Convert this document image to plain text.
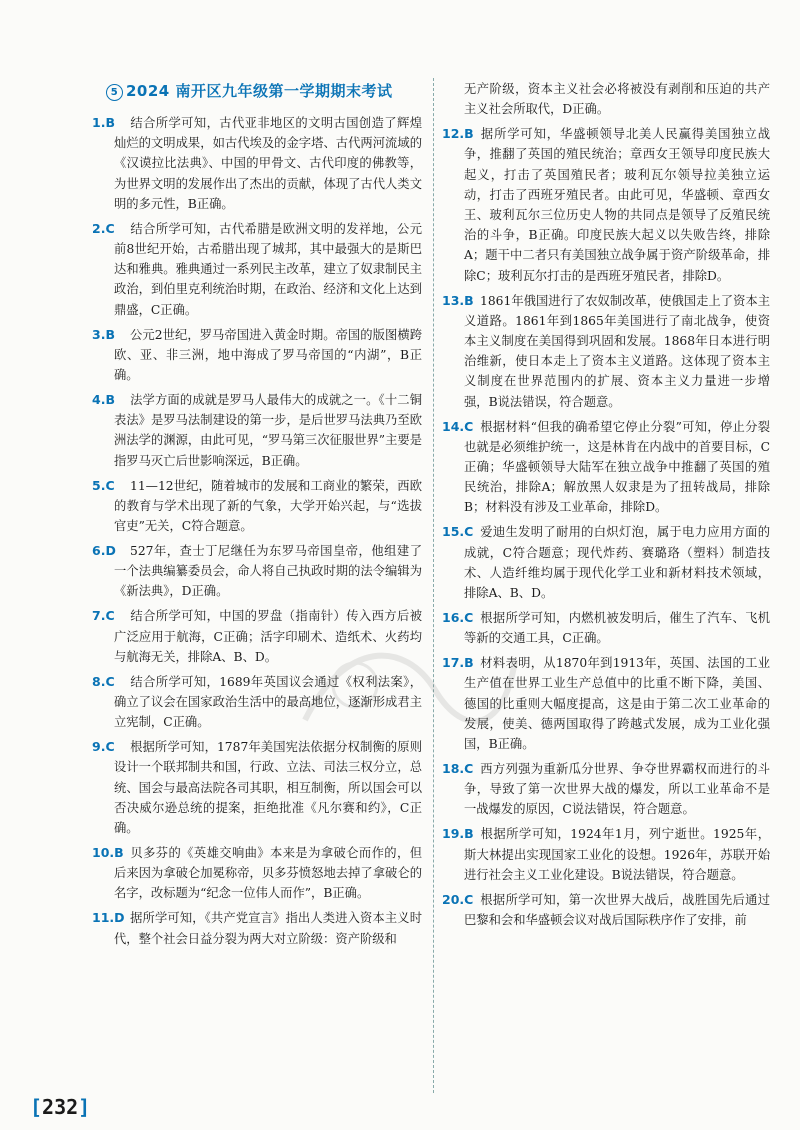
5 2024 南开区九年级第一学期期末考试

1.B 结合所学可知，古代亚非地区的文明古国创造了辉煌灿烂的文明成果，如古代埃及的金字塔、古代两河流域的《汉谟拉比法典》、中国的甲骨文、古代印度的佛教等，为世界文明的发展作出了杰出的贡献，体现了古代人类文明的多元性，B正确。

2.C 结合所学可知，古代希腊是欧洲文明的发祥地，公元前8世纪开始，古希腊出现了城邦，其中最强大的是斯巴达和雅典。雅典通过一系列民主改革，建立了奴隶制民主政治，到伯里克利统治时期，在政治、经济和文化上达到鼎盛，C正确。

3.B 公元2世纪，罗马帝国进入黄金时期。帝国的版图横跨欧、亚、非三洲，地中海成了罗马帝国的“内湖”，B正确。

4.B 法学方面的成就是罗马人最伟大的成就之一。《十二铜表法》是罗马法制建设的第一步，是后世罗马法典乃至欧洲法学的渊源，由此可见，“罗马第三次征服世界”主要是指罗马灭亡后世影响深远，B正确。

5.C 11—12世纪，随着城市的发展和工商业的繁荣，西欧的教育与学术出现了新的气象，大学开始兴起，与“选拔官吏”无关，C符合题意。

6.D 527年，查士丁尼继任为东罗马帝国皇帝，他组建了一个法典编纂委员会，命人将自己执政时期的法令编辑为《新法典》，D正确。

7.C 结合所学可知，中国的罗盘（指南针）传入西方后被广泛应用于航海，C正确；活字印刷术、造纸术、火药均与航海无关，排除A、B、D。

8.C 结合所学可知，1689年英国议会通过《权利法案》，确立了议会在国家政治生活中的最高地位，逐渐形成君主立宪制，C正确。

9.C 根据所学可知，1787年美国宪法依据分权制衡的原则设计一个联邦制共和国，行政、立法、司法三权分立，总统、国会与最高法院各司其职，相互制衡，所以国会可以否决威尔逊总统的提案，拒绝批准《凡尔赛和约》，C正确。

10.B 贝多芬的《英雄交响曲》本来是为拿破仑而作的，但后来因为拿破仑加冕称帝，贝多芬愤怒地去掉了拿破仑的名字，改标题为“纪念一位伟人而作”，B正确。

11.D 据所学可知，《共产党宣言》指出人类进入资本主义时代，整个社会日益分裂为两大对立阶级：资产阶级和

无产阶级，资本主义社会必将被没有剥削和压迫的共产主义社会所取代，D正确。

12.B 据所学可知，华盛顿领导北美人民赢得美国独立战争，推翻了英国的殖民统治；章西女王领导印度民族大起义，打击了英国殖民者；玻利瓦尔领导拉美独立运动，打击了西班牙殖民者。由此可见，华盛顿、章西女王、玻利瓦尔三位历史人物的共同点是领导了反殖民统治的斗争，B正确。印度民族大起义以失败告终，排除A；题干中二者只有美国独立战争属于资产阶级革命，排除C；玻利瓦尔打击的是西班牙殖民者，排除D。

13.B 1861年俄国进行了农奴制改革，使俄国走上了资本主义道路。1861年到1865年美国进行了南北战争，使资本主义制度在美国得到巩固和发展。1868年日本进行明治维新，使日本走上了资本主义道路。这体现了资本主义制度在世界范围内的扩展、资本主义力量进一步增强，B说法错误，符合题意。

14.C 根据材料“但我的确希望它停止分裂”可知，停止分裂也就是必须维护统一，这是林肯在内战中的首要目标，C正确；华盛顿领导大陆军在独立战争中推翻了英国的殖民统治，排除A；解放黑人奴隶是为了扭转战局，排除B；材料没有涉及工业革命，排除D。

15.C 爱迪生发明了耐用的白炽灯泡，属于电力应用方面的成就，C符合题意；现代炸药、赛璐珞（塑料）制造技术、人造纤维均属于现代化学工业和新材料技术领域，排除A、B、D。

16.C 根据所学可知，内燃机被发明后，催生了汽车、飞机等新的交通工具，C正确。

17.B 材料表明，从1870年到1913年，英国、法国的工业生产值在世界工业生产总值中的比重不断下降，美国、德国的比重则大幅度提高，这是由于第二次工业革命的发展，使美、德两国取得了跨越式发展，成为工业化强国，B正确。

18.C 西方列强为重新瓜分世界、争夺世界霸权而进行的斗争，导致了第一次世界大战的爆发，所以工业革命不是一战爆发的原因，C说法错误，符合题意。

19.B 根据所学可知，1924年1月，列宁逝世。1925年，斯大林提出实现国家工业化的设想。1926年，苏联开始进行社会主义工业化建设。B说法错误，符合题意。

20.C 根据所学可知，第一次世界大战后，战胜国先后通过巴黎和会和华盛顿会议对战后国际秩序作了安排，前

[232]
